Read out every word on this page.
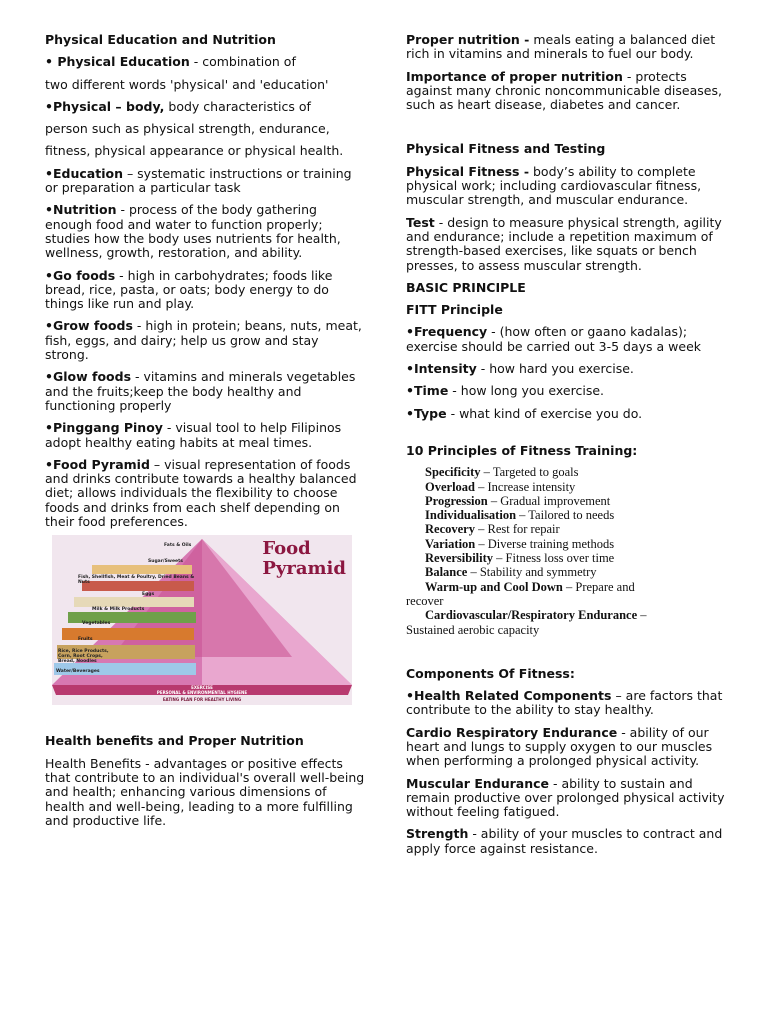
Physical Education and Nutrition

• Physical Education - combination of

two different words 'physical' and 'education'

•Physical – body, body characteristics of

person such as physical strength, endurance,

fitness, physical appearance or physical health.

•Education – systematic instructions or training or preparation a particular task

•Nutrition - process of the body gathering enough food and water to function properly; studies how the body uses nutrients for health, wellness, growth, restoration, and ability.

•Go foods - high in carbohydrates; foods like bread, rice, pasta, or oats; body energy to do things like run and play.

•Grow foods - high in protein; beans, nuts, meat, fish, eggs, and dairy; help us grow and stay strong.

•Glow foods - vitamins and minerals vegetables and the fruits;keep the body healthy and functioning properly

•Pinggang Pinoy - visual tool to help Filipinos adopt healthy eating habits at meal times.

•Food Pyramid – visual representation of foods and drinks contribute towards a healthy balanced diet; allows individuals the flexibility to choose foods and drinks from each shelf depending on their food preferences.

Food
Pyramid
Fats & Oils
Sugar/Sweets
Fish, Shellfish, Meat & Poultry, Dried Beans & Nuts
Eggs
Milk & Milk Products
Vegetables
Fruits
Rice, Rice Products, Corn, Root Crops, Bread, Noodles
Water/Beverages
EXERCISE
PERSONAL & ENVIRONMENTAL HYGIENE
EATING PLAN FOR HEALTHY LIVING

Health benefits and Proper Nutrition

Health Benefits - advantages or positive effects that contribute to an individual's overall well-being and health; enhancing various dimensions of health and well-being, leading to a more fulfilling and productive life.

Proper nutrition - meals eating a balanced diet rich in vitamins and minerals to fuel our body.

Importance of proper nutrition - protects against many chronic noncommunicable diseases, such as heart disease, diabetes and cancer.

Physical Fitness and Testing

Physical Fitness - body’s ability to complete physical work; including cardiovascular fitness, muscular strength, and muscular endurance.

Test - design to measure physical strength, agility and endurance; include a repetition maximum of strength-based exercises, like squats or bench presses, to assess muscular strength.

BASIC PRINCIPLE

FITT Principle

•Frequency - (how often or gaano kadalas); exercise should be carried out 3-5 days a week

•Intensity - how hard you exercise.

•Time - how long you exercise.

•Type - what kind of exercise you do.

10 Principles of Fitness Training:

Specificity – Targeted to goals

Overload – Increase intensity

Progression – Gradual improvement

Individualisation – Tailored to needs

Recovery – Rest for repair

Variation – Diverse training methods

Reversibility – Fitness loss over time

Balance – Stability and symmetry

Warm-up and Cool Down – Prepare and

recover

Cardiovascular/Respiratory Endurance –

Sustained aerobic capacity

Components Of Fitness:

•Health Related Components – are factors that contribute to the ability to stay healthy.

Cardio Respiratory Endurance - ability of our heart and lungs to supply oxygen to our muscles when performing a prolonged physical activity.

Muscular Endurance - ability to sustain and remain productive over prolonged physical activity without feeling fatigued.

Strength - ability of your muscles to contract and apply force against resistance.
